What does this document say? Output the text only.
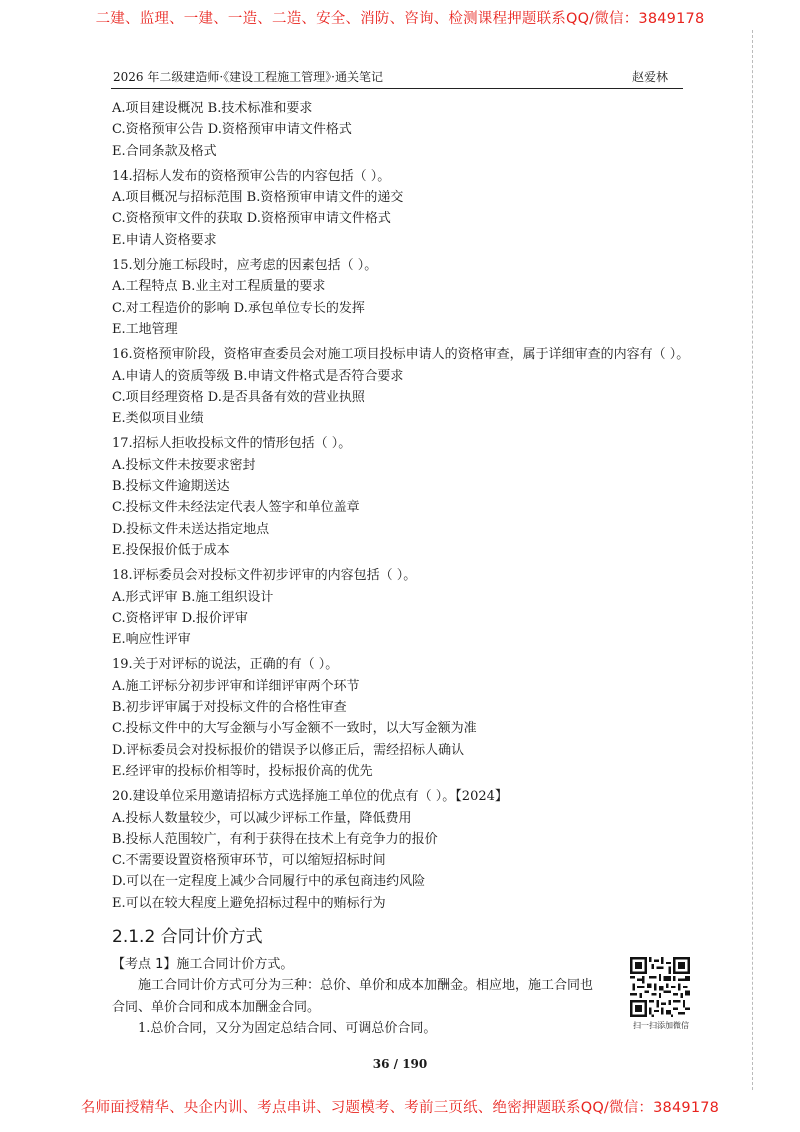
二建、监理、一建、一造、二造、安全、消防、咨询、检测课程押题联系QQ/微信：3849178
2026 年二级建造师·《建设工程施工管理》·通关笔记	赵爱林
A.项目建设概况 B.技术标准和要求
C.资格预审公告 D.资格预审申请文件格式
E.合同条款及格式
14.招标人发布的资格预审公告的内容包括（ ）。
A.项目概况与招标范围 B.资格预审申请文件的递交
C.资格预审文件的获取 D.资格预审申请文件格式
E.申请人资格要求
15.划分施工标段时，应考虑的因素包括（ ）。
A.工程特点 B.业主对工程质量的要求
C.对工程造价的影响 D.承包单位专长的发挥
E.工地管理
16.资格预审阶段，资格审查委员会对施工项目投标申请人的资格审查，属于详细审查的内容有（ ）。
A.申请人的资质等级 B.申请文件格式是否符合要求
C.项目经理资格 D.是否具备有效的营业执照
E.类似项目业绩
17.招标人拒收投标文件的情形包括（ ）。
A.投标文件未按要求密封
B.投标文件逾期送达
C.投标文件未经法定代表人签字和单位盖章
D.投标文件未送达指定地点
E.投保报价低于成本
18.评标委员会对投标文件初步评审的内容包括（ ）。
A.形式评审 B.施工组织设计
C.资格评审 D.报价评审
E.响应性评审
19.关于对评标的说法，正确的有（ ）。
A.施工评标分初步评审和详细评审两个环节
B.初步评审属于对投标文件的合格性审查
C.投标文件中的大写金额与小写金额不一致时，以大写金额为准
D.评标委员会对投标报价的错误予以修正后，需经招标人确认
E.经评审的投标价相等时，投标报价高的优先
20.建设单位采用邀请招标方式选择施工单位的优点有（ ）。【2024】
A.投标人数量较少，可以减少评标工作量，降低费用
B.投标人范围较广，有利于获得在技术上有竞争力的报价
C.不需要设置资格预审环节，可以缩短招标时间
D.可以在一定程度上减少合同履行中的承包商违约风险
E.可以在较大程度上避免招标过程中的贿标行为
2.1.2 合同计价方式
【考点 1】施工合同计价方式。
施工合同计价方式可分为三种：总价、单价和成本加酬金。相应地，施工合同也
合同、单价合同和成本加酬金合同。
1.总价合同，又分为固定总结合同、可调总价合同。	扫一扫添加微信
36 / 190
名师面授精华、央企内训、考点串讲、习题模考、考前三页纸、绝密押题联系QQ/微信：3849178
